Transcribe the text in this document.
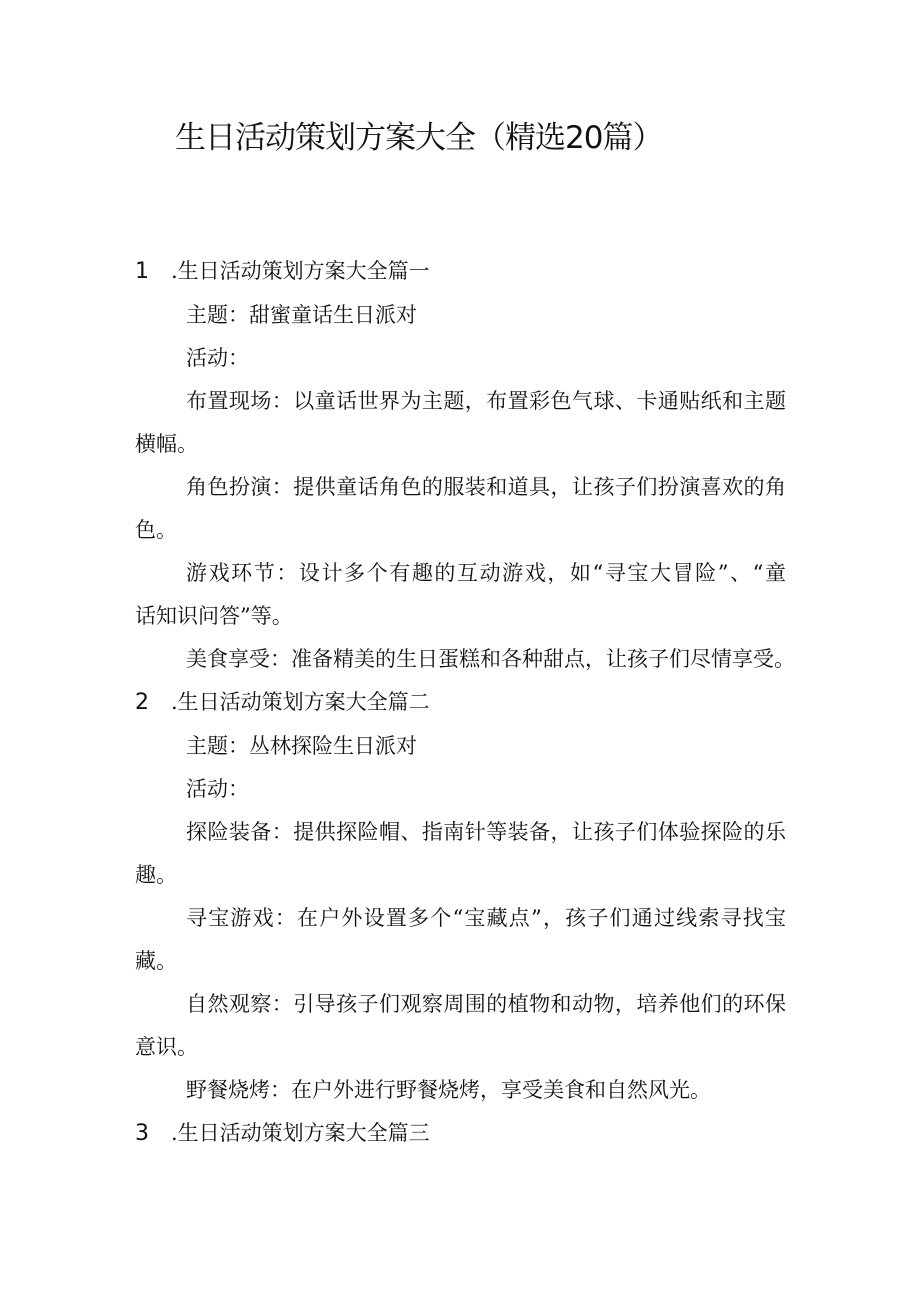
生日活动策划方案大全（精选20篇）
1 .生日活动策划方案大全篇一
主题：甜蜜童话生日派对
活动：
布置现场：以童话世界为主题，布置彩色气球、卡通贴纸和主题
横幅。
角色扮演：提供童话角色的服装和道具，让孩子们扮演喜欢的角
色。
游戏环节：设计多个有趣的互动游戏，如“寻宝大冒险”、“童
话知识问答”等。
美食享受：准备精美的生日蛋糕和各种甜点，让孩子们尽情享受。
2 .生日活动策划方案大全篇二
主题：丛林探险生日派对
活动：
探险装备：提供探险帽、指南针等装备，让孩子们体验探险的乐
趣。
寻宝游戏：在户外设置多个“宝藏点”，孩子们通过线索寻找宝
藏。
自然观察：引导孩子们观察周围的植物和动物，培养他们的环保
意识。
野餐烧烤：在户外进行野餐烧烤，享受美食和自然风光。
3 .生日活动策划方案大全篇三
